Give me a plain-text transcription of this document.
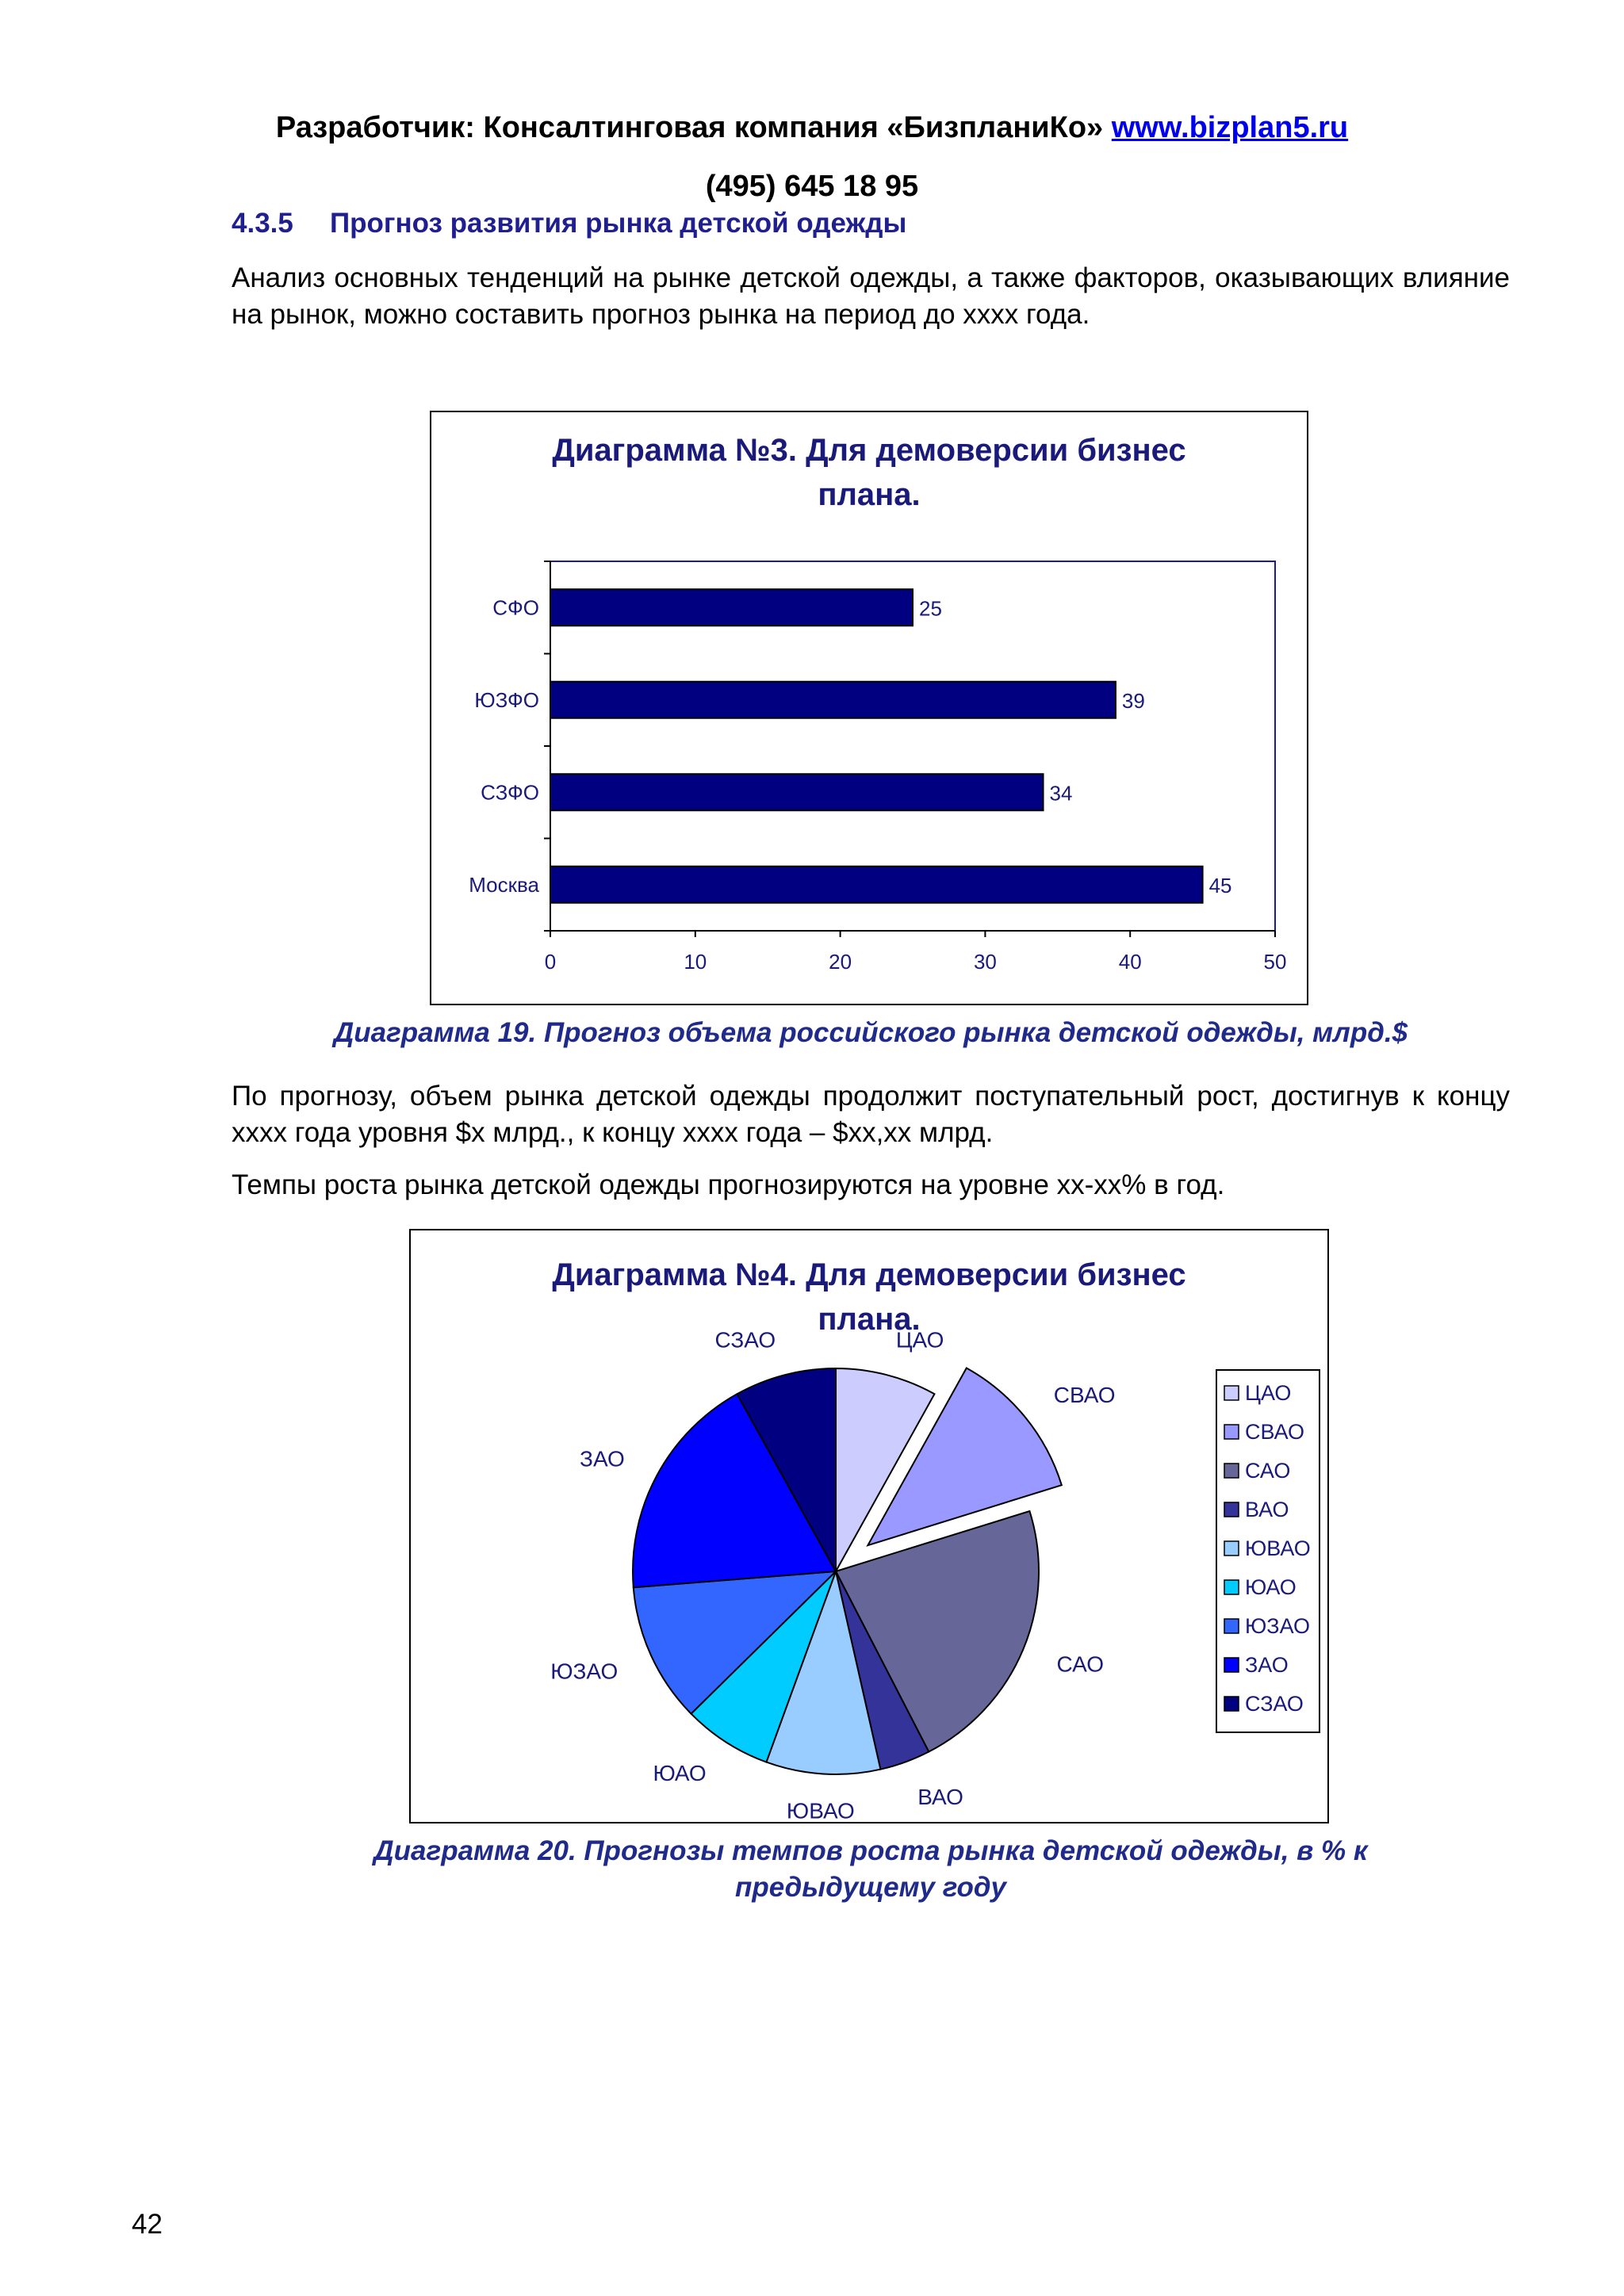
Разработчик: Консалтинговая компания «БизпланиКо» www.bizplan5.ru
(495) 645 18 95
4.3.5 Прогноз развития рынка детской одежды
Анализ основных тенденций на рынке детской одежды, а также факторов, оказывающих влияние на рынок, можно составить прогноз рынка на период до хххх года.
Диаграмма №3. Для демоверсии бизнес
плана.
СФО	25
ЮЗФО	39
СЗФО	34
Москва	45
0	10	20	30	40	50
Диаграмма 19. Прогноз объема российского рынка детской одежды, млрд.$
По прогнозу, объем рынка детской одежды продолжит поступательный рост, достигнув к концу хххх года уровня $х млрд., к концу хххх года – $хх,хх млрд.
Темпы роста рынка детской одежды прогнозируются на уровне хх-хх% в год.
Диаграмма №4. Для демоверсии бизнес
плана.
ЦАО
СВАО
САО
ВАО
ЮВАО
ЮАО
ЮЗАО
ЗАО
СЗАО
ЦАО
СВАО
САО
ВАО
ЮВАО
ЮАО
ЮЗАО
ЗАО
СЗАО
Диаграмма 20. Прогнозы темпов роста рынка детской одежды, в % к
предыдущему году
42
